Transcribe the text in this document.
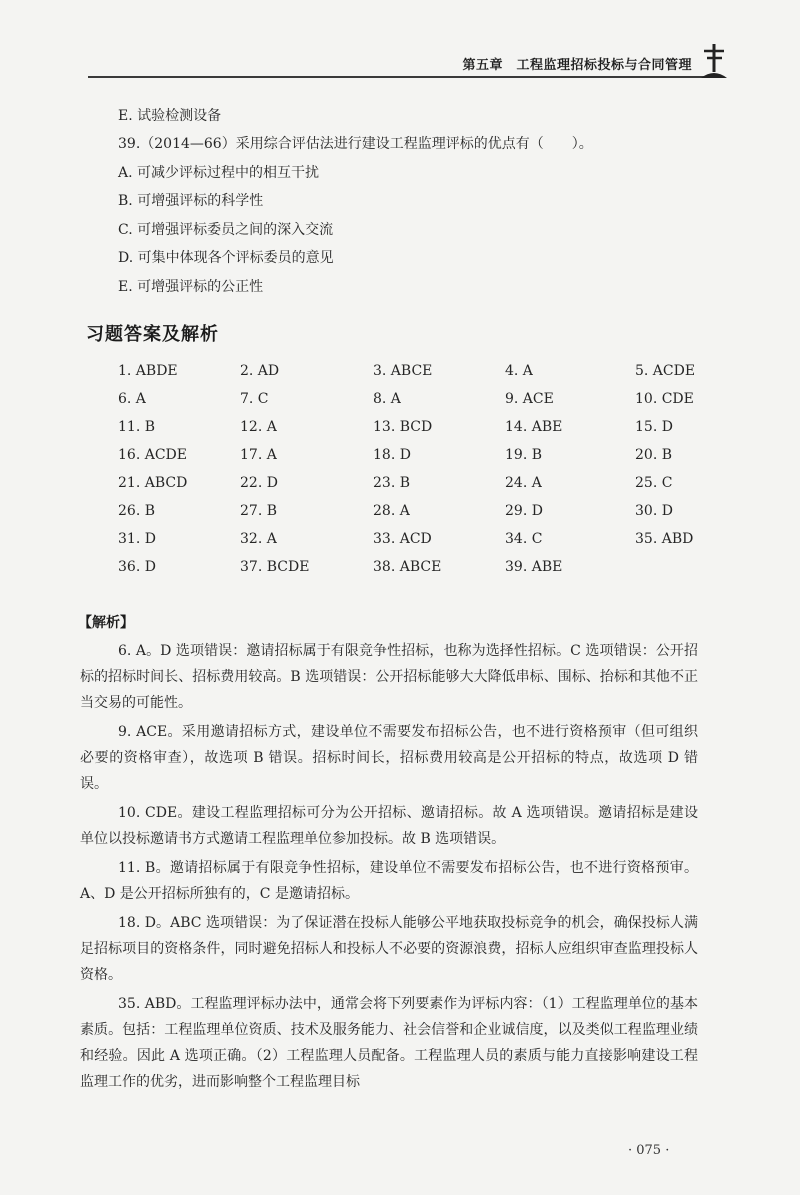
第五章　工程监理招标投标与合同管理
E. 试验检测设备
39.（2014—66）采用综合评估法进行建设工程监理评标的优点有（　　）。
A. 可减少评标过程中的相互干扰
B. 可增强评标的科学性
C. 可增强评标委员之间的深入交流
D. 可集中体现各个评标委员的意见
E. 可增强评标的公正性
习题答案及解析
1. ABDE	2. AD	3. ABCE	4. A	5. ACDE
6. A	7. C	8. A	9. ACE	10. CDE
11. B	12. A	13. BCD	14. ABE	15. D
16. ACDE	17. A	18. D	19. B	20. B
21. ABCD	22. D	23. B	24. A	25. C
26. B	27. B	28. A	29. D	30. D
31. D	32. A	33. ACD	34. C	35. ABD
36. D	37. BCDE	38. ABCE	39. ABE
【解析】

6. A。D 选项错误：邀请招标属于有限竞争性招标，也称为选择性招标。C 选项错误：公开招标的招标时间长、招标费用较高。B 选项错误：公开招标能够大大降低串标、围标、抬标和其他不正当交易的可能性。

9. ACE。采用邀请招标方式，建设单位不需要发布招标公告，也不进行资格预审（但可组织必要的资格审查），故选项 B 错误。招标时间长，招标费用较高是公开招标的特点，故选项 D 错误。

10. CDE。建设工程监理招标可分为公开招标、邀请招标。故 A 选项错误。邀请招标是建设单位以投标邀请书方式邀请工程监理单位参加投标。故 B 选项错误。

11. B。邀请招标属于有限竞争性招标，建设单位不需要发布招标公告，也不进行资格预审。A、D 是公开招标所独有的，C 是邀请招标。

18. D。ABC 选项错误：为了保证潜在投标人能够公平地获取投标竞争的机会，确保投标人满足招标项目的资格条件，同时避免招标人和投标人不必要的资源浪费，招标人应组织审查监理投标人资格。

35. ABD。工程监理评标办法中，通常会将下列要素作为评标内容：（1）工程监理单位的基本素质。包括：工程监理单位资质、技术及服务能力、社会信誉和企业诚信度，以及类似工程监理业绩和经验。因此 A 选项正确。（2）工程监理人员配备。工程监理人员的素质与能力直接影响建设工程监理工作的优劣，进而影响整个工程监理目标

· 075 ·
